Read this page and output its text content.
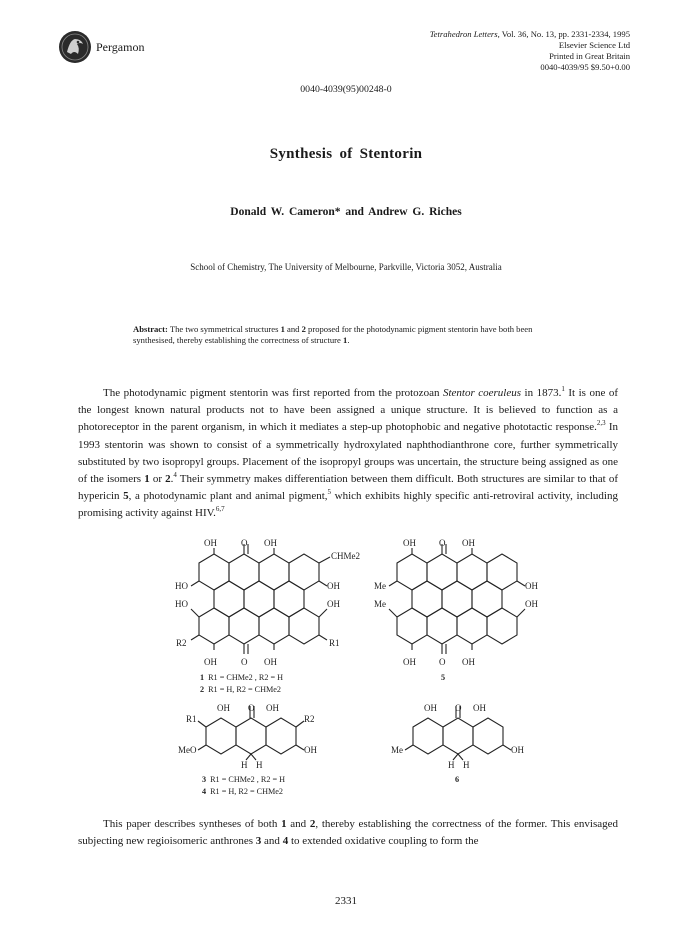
Pergamon
Tetrahedron Letters, Vol. 36, No. 13, pp. 2331-2334, 1995
Elsevier Science Ltd
Printed in Great Britain
0040-4039/95 $9.50+0.00
0040-4039(95)00248-0
Synthesis of Stentorin
Donald W. Cameron* and Andrew G. Riches
School of Chemistry, The University of Melbourne, Parkville, Victoria 3052, Australia
Abstract: The two symmetrical structures 1 and 2 proposed for the photodynamic pigment stentorin have both been synthesised, thereby establishing the correctness of structure 1.
The photodynamic pigment stentorin was first reported from the protozoan Stentor coeruleus in 1873.$^1$ It is one of the longest known natural products not to have been assigned a unique structure. It is believed to function as a photoreceptor in the parent organism, in which it mediates a step-up photophobic and negative phototactic response.$^{2,3}$ In 1993 stentorin was shown to consist of a symmetrically hydroxylated naphthodianthrone core, further symmetrically substituted by two isopropyl groups. Placement of the isopropyl groups was uncertain, the structure being assigned as one of the isomers 1 or 2.$^4$ Their symmetry makes differentiation between them difficult. Both structures are similar to that of hypericin 5, a photodynamic plant and animal pigment,$^5$ which exhibits highly specific anti-retroviral activity, including promising activity against HIV.$^{6,7}$
OH	O OH
CHMe2
HO
HO
OH
OH
R2	R1
OH	O OH
1 R1 = CHMe2 , R2 = H
2 R1 = H, R2 = CHMe2
OH	O OH
Me
Me
OH
OH
OH	O OH
5
OH O OH
R1	R2
MeO	OH
H H
3 R1 = CHMe2 , R2 = H
4 R1 = H, R2 = CHMe2
OH O OH
Me	OH
H H
6
This paper describes syntheses of both 1 and 2, thereby establishing the correctness of the former. This envisaged subjecting new regioisomeric anthrones 3 and 4 to extended oxidative coupling to form the
2331
